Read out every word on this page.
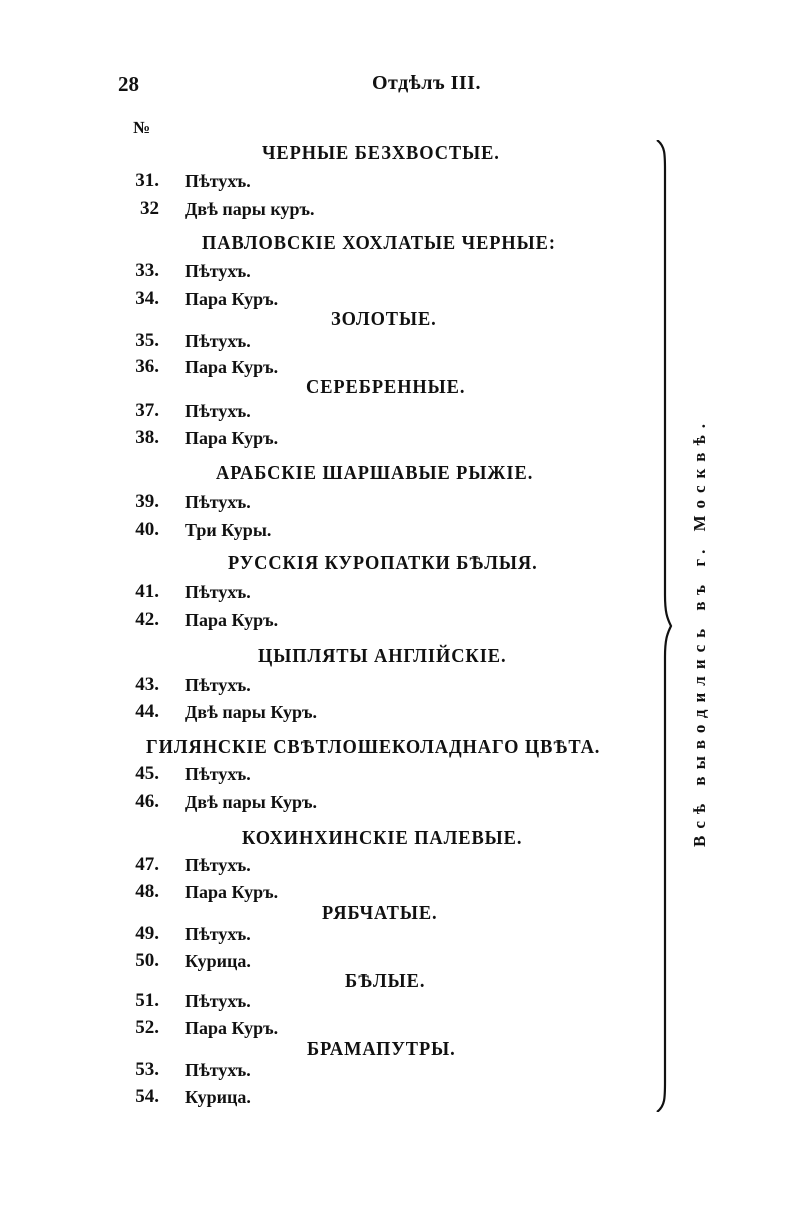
28	Отдѣлъ III.
№
ЧЕРНЫЕ БЕЗХВОСТЫЕ.
31. Пѣтухъ.
32 Двѣ пары куръ.
ПАВЛОВСКІЕ ХОХЛАТЫЕ ЧЕРНЫЕ:
33. Пѣтухъ.
34. Пара Куръ.
ЗОЛОТЫЕ.
35. Пѣтухъ.
36. Пара Куръ.
СЕРЕБРЕННЫЕ.
37. Пѣтухъ.
38. Пара Куръ.
АРАБСКІЕ ШАРШАВЫЕ РЫЖІЕ.
39. Пѣтухъ.
40. Три Куры.
РУССКІЯ КУРОПАТКИ БѢЛЫЯ.
41. Пѣтухъ.
42. Пара Куръ.
ЦЫПЛЯТЫ АНГЛІЙСКІЕ.
43. Пѣтухъ.
44. Двѣ пары Куръ.
ГИЛЯНСКІЕ СВѢТЛОШЕКОЛАДНАГО ЦВѢТА.
45. Пѣтухъ.
46. Двѣ пары Куръ.
КОХИНХИНСКІЕ ПАЛЕВЫЕ.
47. Пѣтухъ.
48. Пара Куръ.
РЯБЧАТЫЕ.
49. Пѣтухъ.
50. Курица.
БѢЛЫЕ.
51. Пѣтухъ.
52. Пара Куръ.
БРАМАПУТРЫ.
53. Пѣтухъ.
54. Курица.
Всѣ выводились въ г. Москвѣ.
